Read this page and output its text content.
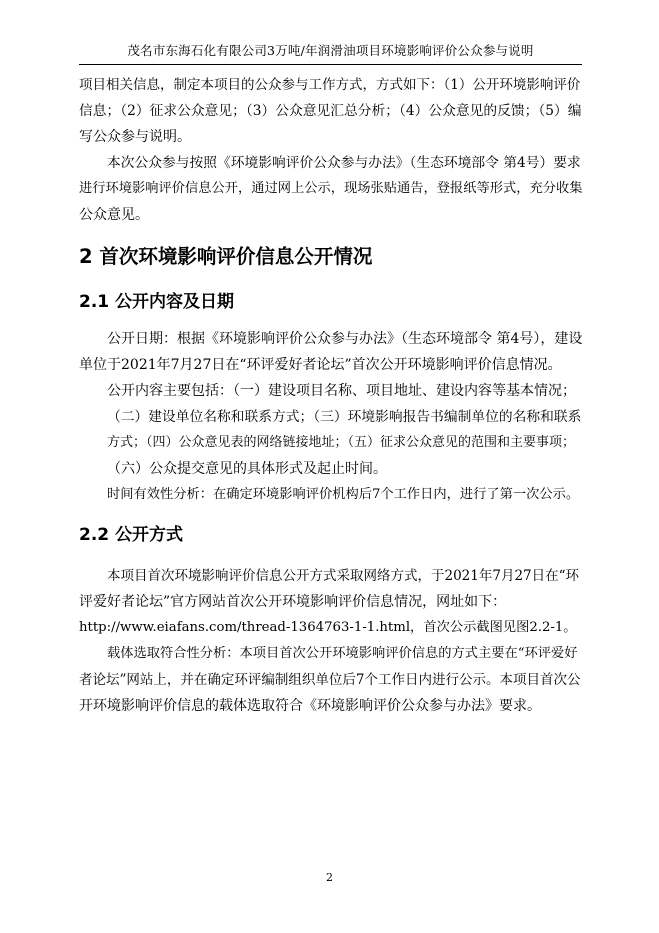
茂名市东海石化有限公司3万吨/年润滑油项目环境影响评价公众参与说明
项目相关信息，制定本项目的公众参与工作方式，方式如下：（1）公开环境影响评价
信息；（2）征求公众意见；（3）公众意见汇总分析；（4）公众意见的反馈；（5）编
写公众参与说明。
本次公众参与按照《环境影响评价公众参与办法》（生态环境部令 第4号）要求
进行环境影响评价信息公开，通过网上公示，现场张贴通告，登报纸等形式，充分收集
公众意见。
2 首次环境影响评价信息公开情况
2.1 公开内容及日期
公开日期：根据《环境影响评价公众参与办法》（生态环境部令 第4号），建设
单位于2021年7月27日在“环评爱好者论坛”首次公开环境影响评价信息情况。
公开内容主要包括：（一）建设项目名称、项目地址、建设内容等基本情况；
（二）建设单位名称和联系方式；（三）环境影响报告书编制单位的名称和联系
方式；（四）公众意见表的网络链接地址；（五）征求公众意见的范围和主要事项；
（六）公众提交意见的具体形式及起止时间。
时间有效性分析：在确定环境影响评价机构后7个工作日内，进行了第一次公示。
2.2 公开方式
本项目首次环境影响评价信息公开方式采取网络方式，于2021年7月27日在“环
评爱好者论坛”官方网站首次公开环境影响评价信息情况，网址如下：
http://www.eiafans.com/thread-1364763-1-1.html，首次公示截图见图2.2-1。
载体选取符合性分析：本项目首次公开环境影响评价信息的方式主要在“环评爱好
者论坛”网站上，并在确定环评编制组织单位后7个工作日内进行公示。本项目首次公
开环境影响评价信息的载体选取符合《环境影响评价公众参与办法》要求。
2
